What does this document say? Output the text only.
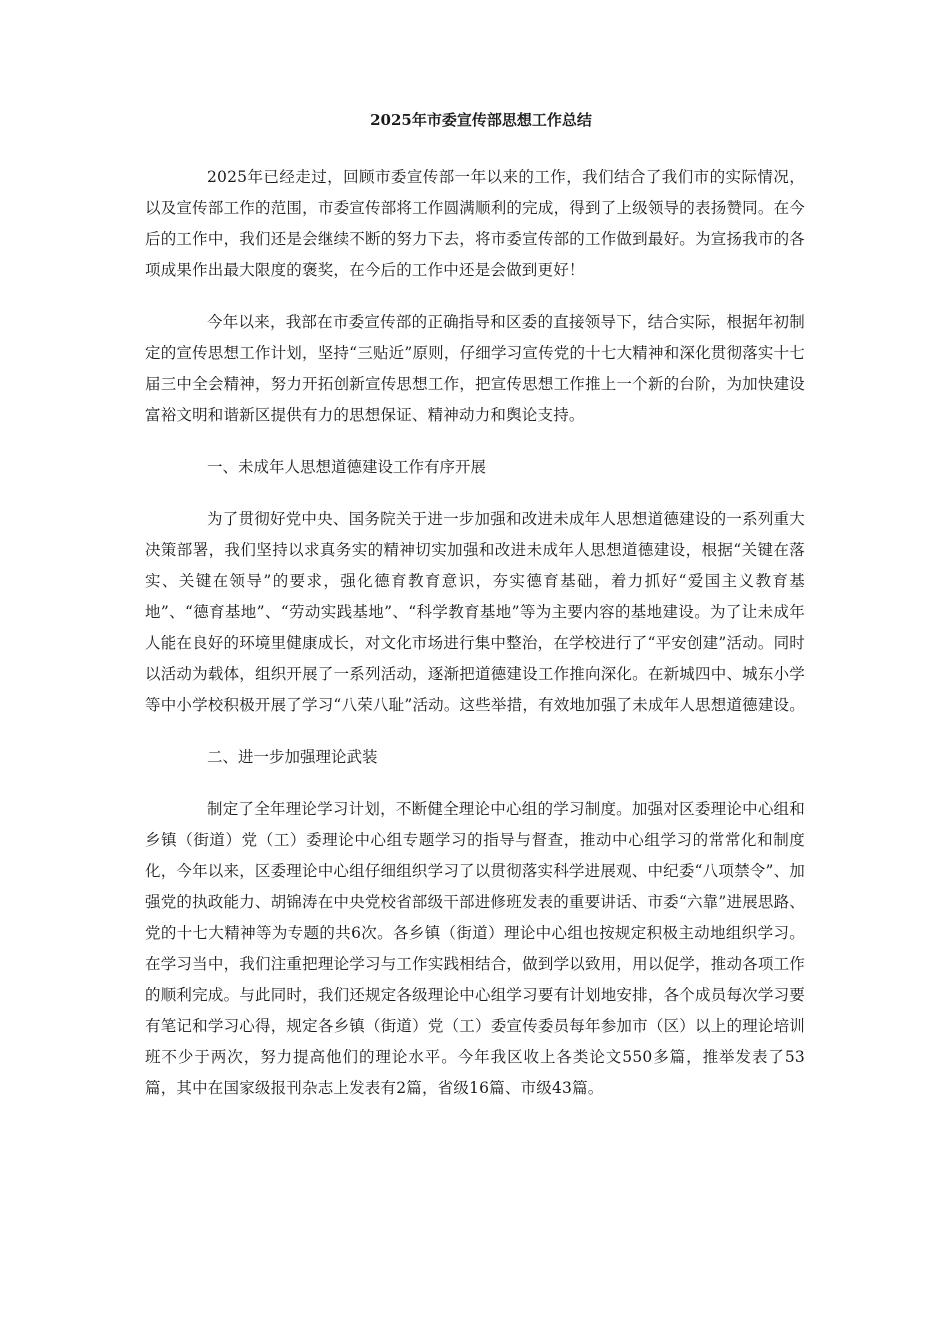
2025年市委宣传部思想工作总结

2025年已经走过，回顾市委宣传部一年以来的工作，我们结合了我们市的实际情况，以及宣传部工作的范围，市委宣传部将工作圆满顺利的完成，得到了上级领导的表扬赞同。在今后的工作中，我们还是会继续不断的努力下去，将市委宣传部的工作做到最好。为宣扬我市的各项成果作出最大限度的褒奖，在今后的工作中还是会做到更好！

今年以来，我部在市委宣传部的正确指导和区委的直接领导下，结合实际，根据年初制定的宣传思想工作计划，坚持“三贴近”原则，仔细学习宣传党的十七大精神和深化贯彻落实十七届三中全会精神，努力开拓创新宣传思想工作，把宣传思想工作推上一个新的台阶，为加快建设富裕文明和谐新区提供有力的思想保证、精神动力和舆论支持。

一、未成年人思想道德建设工作有序开展

为了贯彻好党中央、国务院关于进一步加强和改进未成年人思想道德建设的一系列重大决策部署，我们坚持以求真务实的精神切实加强和改进未成年人思想道德建设，根据“关键在落实、关键在领导”的要求，强化德育教育意识，夯实德育基础，着力抓好“爱国主义教育基地”、“德育基地”、“劳动实践基地”、“科学教育基地”等为主要内容的基地建设。为了让未成年人能在良好的环境里健康成长，对文化市场进行集中整治，在学校进行了“平安创建”活动。同时以活动为载体，组织开展了一系列活动，逐渐把道德建设工作推向深化。在新城四中、城东小学等中小学校积极开展了学习“八荣八耻”活动。这些举措，有效地加强了未成年人思想道德建设。

二、进一步加强理论武装

制定了全年理论学习计划，不断健全理论中心组的学习制度。加强对区委理论中心组和乡镇（街道）党（工）委理论中心组专题学习的指导与督查，推动中心组学习的常常化和制度化，今年以来，区委理论中心组仔细组织学习了以贯彻落实科学进展观、中纪委“八项禁令”、加强党的执政能力、胡锦涛在中央党校省部级干部进修班发表的重要讲话、市委“六靠”进展思路、党的十七大精神等为专题的共6次。各乡镇（街道）理论中心组也按规定积极主动地组织学习。在学习当中，我们注重把理论学习与工作实践相结合，做到学以致用，用以促学，推动各项工作的顺利完成。与此同时，我们还规定各级理论中心组学习要有计划地安排，各个成员每次学习要有笔记和学习心得，规定各乡镇（街道）党（工）委宣传委员每年参加市（区）以上的理论培训班不少于两次，努力提高他们的理论水平。今年我区收上各类论文550多篇，推举发表了53篇，其中在国家级报刊杂志上发表有2篇，省级16篇、市级43篇。
